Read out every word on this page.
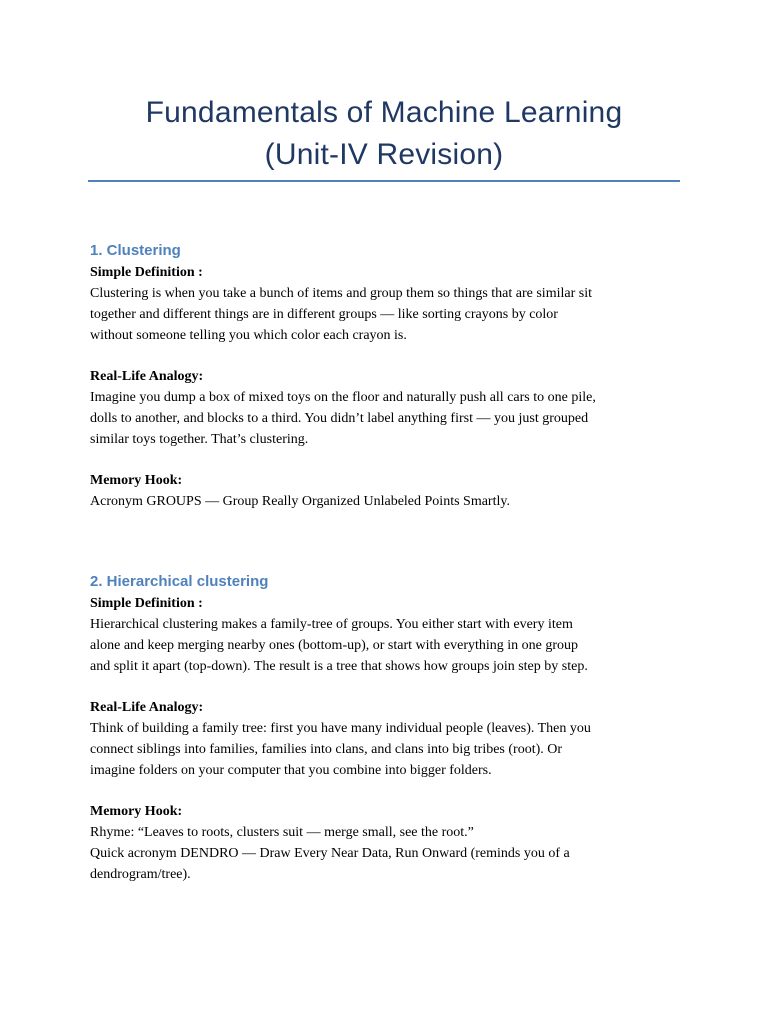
Fundamentals of Machine Learning
(Unit-IV Revision)
1. Clustering
Simple Definition :
Clustering is when you take a bunch of items and group them so things that are similar sit
together and different things are in different groups — like sorting crayons by color
without someone telling you which color each crayon is.
Real-Life Analogy:
Imagine you dump a box of mixed toys on the floor and naturally push all cars to one pile,
dolls to another, and blocks to a third. You didn’t label anything first — you just grouped
similar toys together. That’s clustering.
Memory Hook:
Acronym GROUPS — Group Really Organized Unlabeled Points Smartly.
2. Hierarchical clustering
Simple Definition :
Hierarchical clustering makes a family-tree of groups. You either start with every item
alone and keep merging nearby ones (bottom-up), or start with everything in one group
and split it apart (top-down). The result is a tree that shows how groups join step by step.
Real-Life Analogy:
Think of building a family tree: first you have many individual people (leaves). Then you
connect siblings into families, families into clans, and clans into big tribes (root). Or
imagine folders on your computer that you combine into bigger folders.
Memory Hook:
Rhyme: “Leaves to roots, clusters suit — merge small, see the root.”
Quick acronym DENDRO — Draw Every Near Data, Run Onward (reminds you of a
dendrogram/tree).
